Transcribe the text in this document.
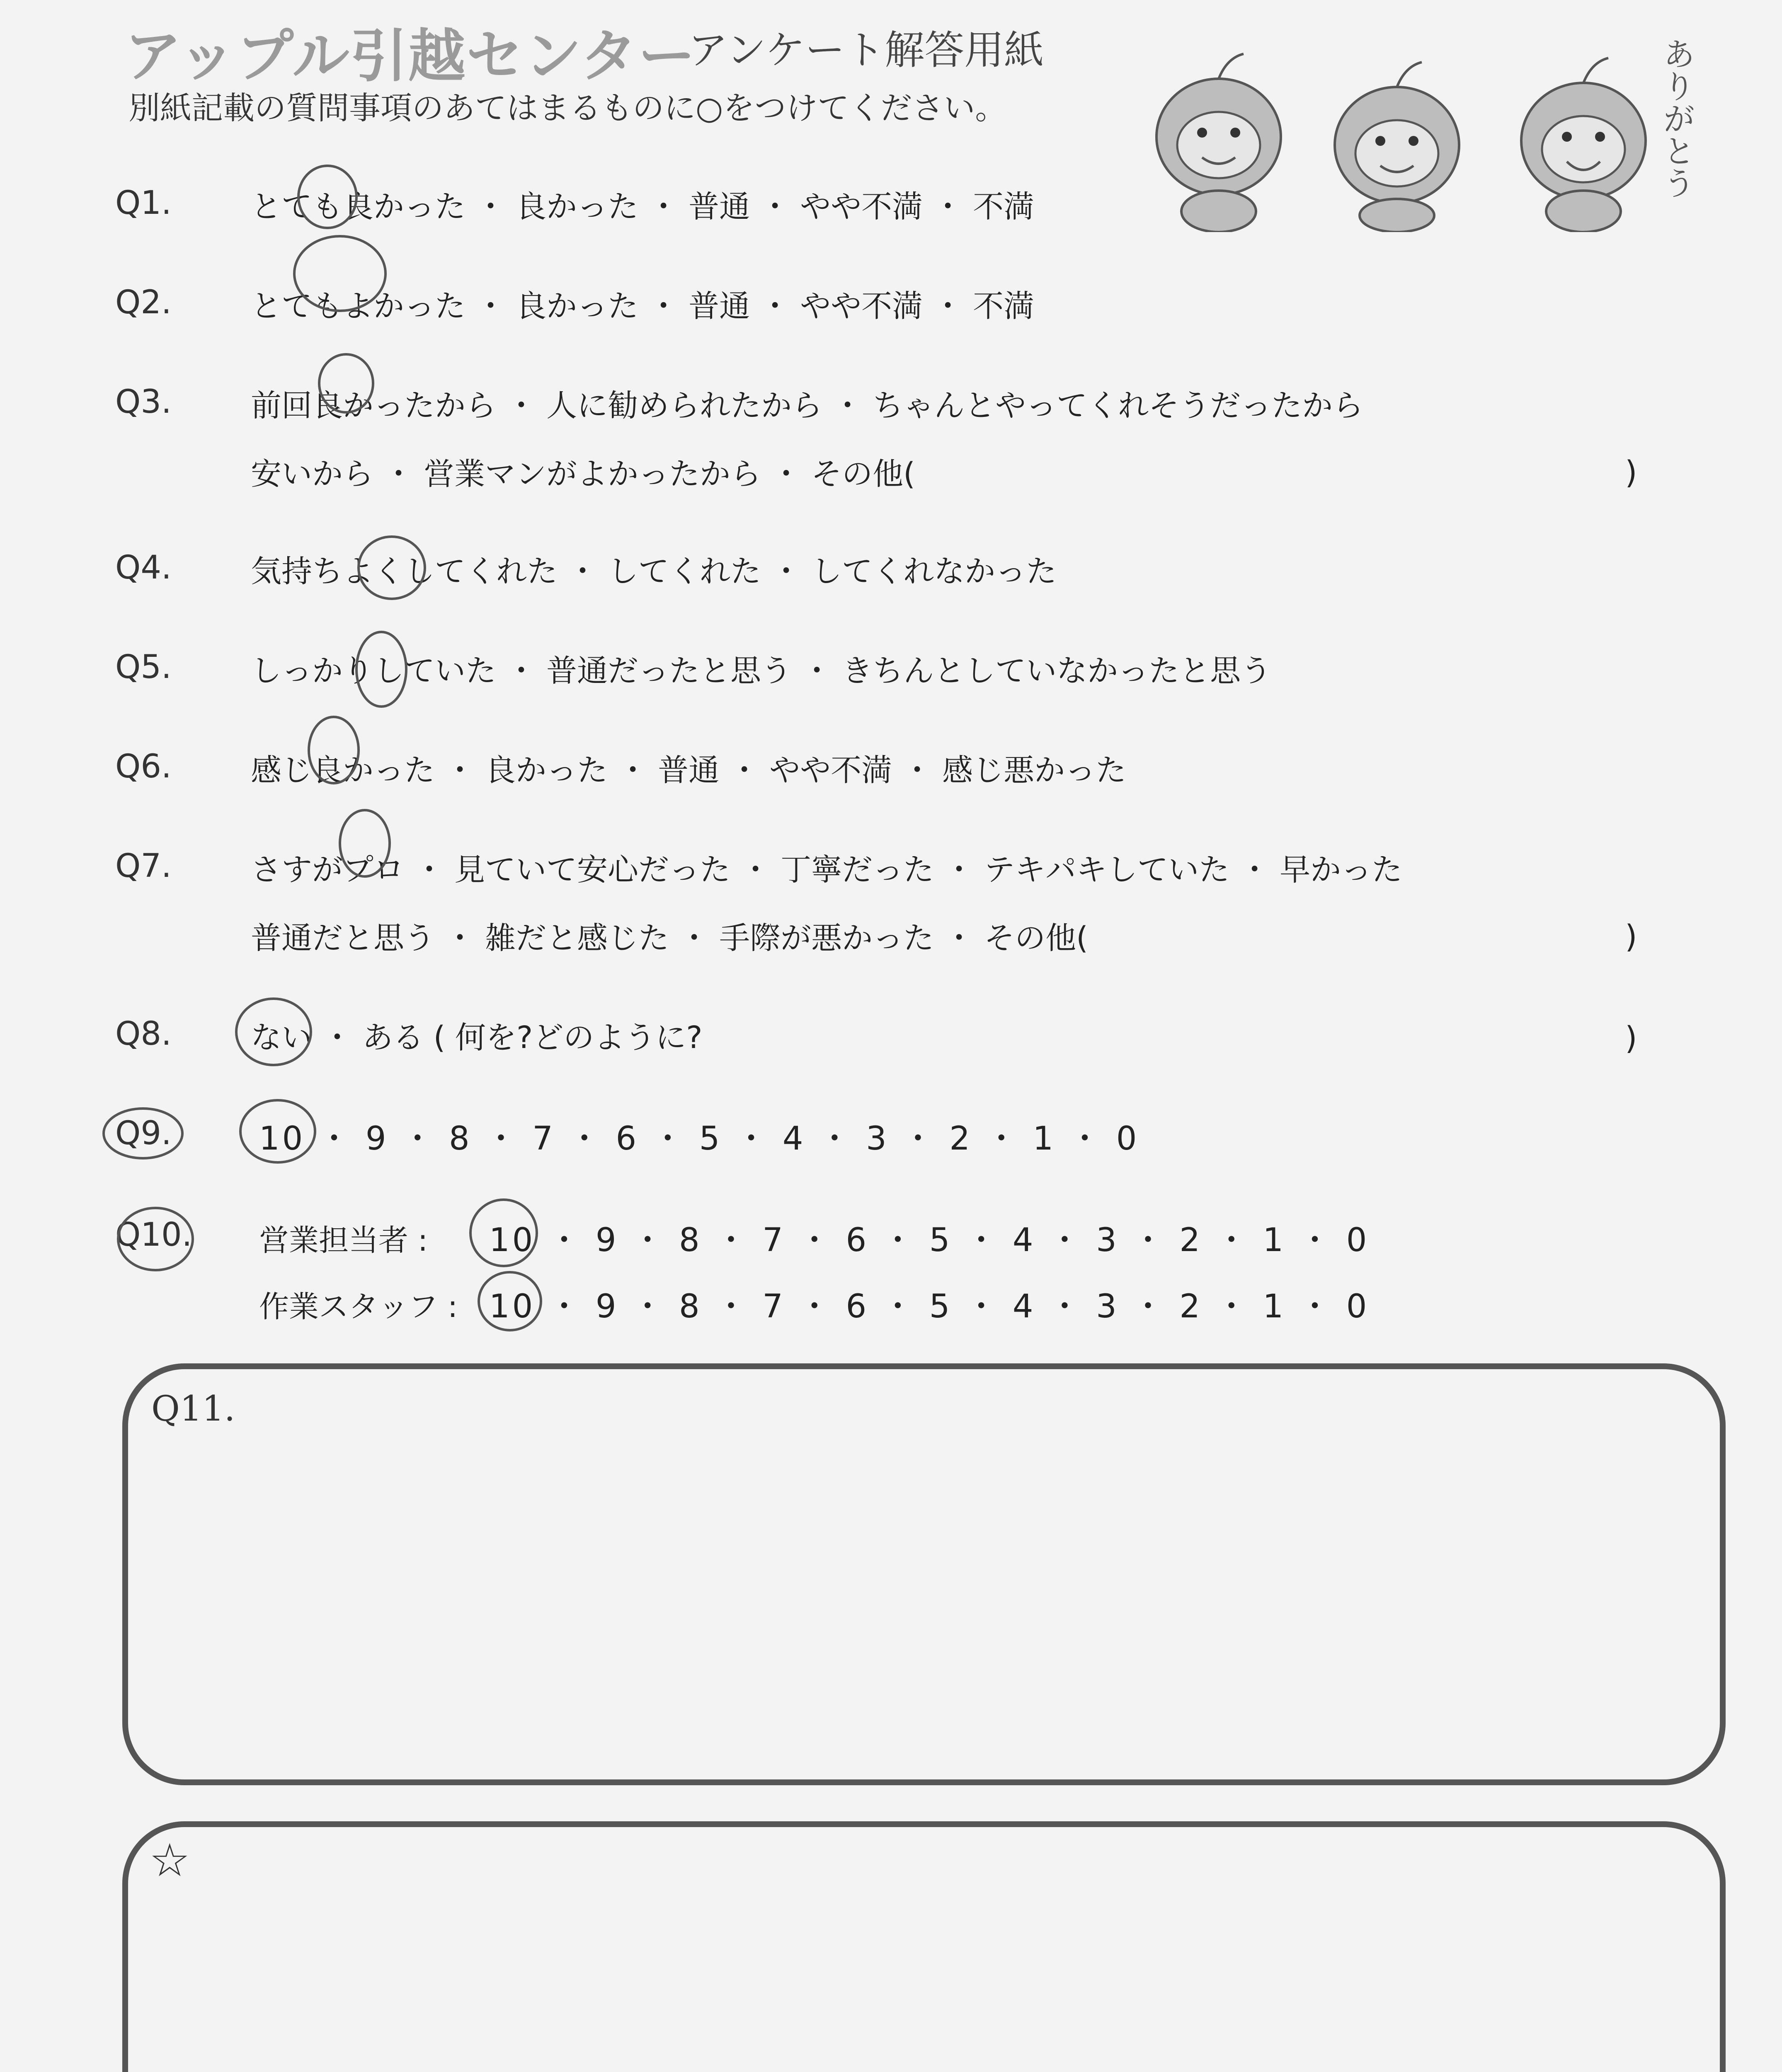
アップル引越センター
アンケート解答用紙
別紙記載の質問事項のあてはまるものに○をつけてください。	ありがとう
Q1.	とても良かった ・ 良かった ・ 普通 ・ やや不満 ・ 不満
Q2.	とてもよかった ・ 良かった ・ 普通 ・ やや不満 ・ 不満
Q3.	前回良かったから ・ 人に勧められたから ・ ちゃんとやってくれそうだったから
安いから ・ 営業マンがよかったから ・ その他(	)
Q4.	気持ちよくしてくれた ・ してくれた ・ してくれなかった
Q5.	しっかりしていた ・ 普通だったと思う ・ きちんとしていなかったと思う
Q6.	感じ良かった ・ 良かった ・ 普通 ・ やや不満 ・ 感じ悪かった
Q7.	さすがプロ ・ 見ていて安心だった ・ 丁寧だった ・ テキパキしていた ・ 早かった
普通だと思う ・ 雑だと感じた ・ 手際が悪かった ・ その他(	)
Q8.	ない ・ ある ( 何を?どのように?	)
Q9.	10 ・ 9 ・ 8 ・ 7 ・ 6 ・ 5 ・ 4 ・ 3 ・ 2 ・ 1 ・ 0
Q10. 営業担当者 : 10 ・ 9 ・ 8 ・ 7 ・ 6 ・ 5 ・ 4 ・ 3 ・ 2 ・ 1 ・ 0
作業スタッフ : 10 ・ 9 ・ 8 ・ 7 ・ 6 ・ 5 ・ 4 ・ 3 ・ 2 ・ 1 ・ 0
Q11.
☆
